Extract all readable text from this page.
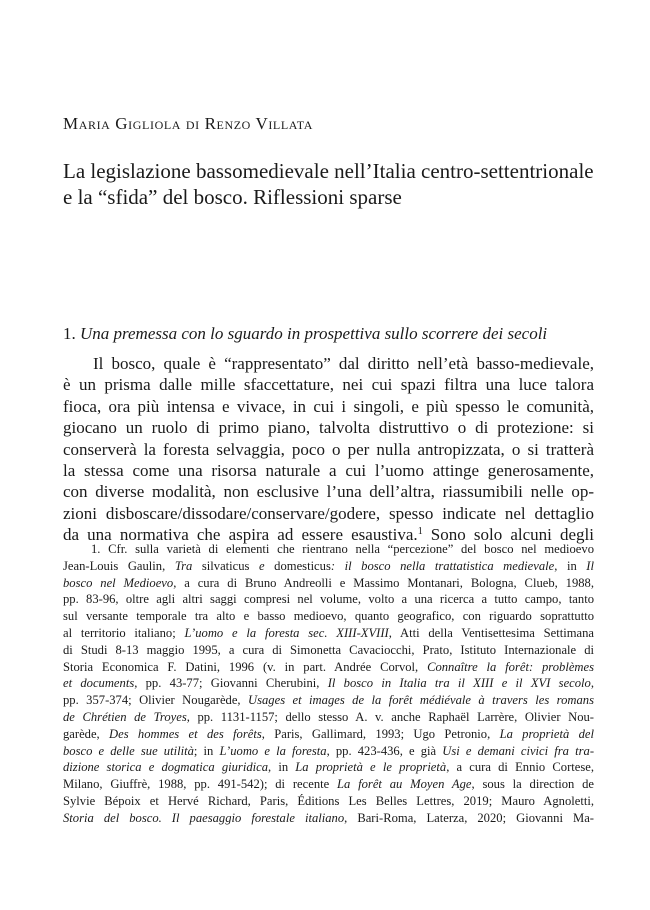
Maria Gigliola di Renzo Villata
La legislazione bassomedievale nell’Italia centro-settentrionale
e la “sfida” del bosco. Riflessioni sparse
1. Una premessa con lo sguardo in prospettiva sullo scorrere dei secoli
Il bosco, quale è “rappresentato” dal diritto nell’età basso-medievale,
è un prisma dalle mille sfaccettature, nei cui spazi filtra una luce talora
fioca, ora più intensa e vivace, in cui i singoli, e più spesso le comunità,
giocano un ruolo di primo piano, talvolta distruttivo o di protezione: si
conserverà la foresta selvaggia, poco o per nulla antropizzata, o si tratterà
la stessa come una risorsa naturale a cui l’uomo attinge generosamente,
con diverse modalità, non esclusive l’una dell’altra, riassumibili nelle op-
zioni disboscare/dissodare/conservare/godere, spesso indicate nel dettaglio
da una normativa che aspira ad essere esaustiva.$^1$ Sono solo alcuni degli
1. Cfr. sulla varietà di elementi che rientrano nella “percezione” del bosco nel medioevo
Jean-Louis Gaulin, Tra silvaticus e domesticus: il bosco nella trattatistica medievale, in Il
bosco nel Medioevo, a cura di Bruno Andreolli e Massimo Montanari, Bologna, Clueb, 1988,
pp. 83-96, oltre agli altri saggi compresi nel volume, volto a una ricerca a tutto campo, tanto
sul versante temporale tra alto e basso medioevo, quanto geografico, con riguardo soprattutto
al territorio italiano; L’uomo e la foresta sec. XIII-XVIII, Atti della Ventisettesima Settimana
di Studi 8-13 maggio 1995, a cura di Simonetta Cavaciocchi, Prato, Istituto Internazionale di
Storia Economica F. Datini, 1996 (v. in part. Andrée Corvol, Connaître la forêt: problèmes
et documents, pp. 43-77; Giovanni Cherubini, Il bosco in Italia tra il XIII e il XVI secolo,
pp. 357-374; Olivier Nougarède, Usages et images de la forêt médiévale à travers les romans
de Chrétien de Troyes, pp. 1131-1157; dello stesso A. v. anche Raphaël Larrère, Olivier Nou-
garède, Des hommes et des forêts, Paris, Gallimard, 1993; Ugo Petronio, La proprietà del
bosco e delle sue utilità; in L’uomo e la foresta, pp. 423-436, e già Usi e demani civici fra tra-
dizione storica e dogmatica giuridica, in La proprietà e le proprietà, a cura di Ennio Cortese,
Milano, Giuffrè, 1988, pp. 491-542); di recente La forêt au Moyen Age, sous la direction de
Sylvie Bépoix et Hervé Richard, Paris, Éditions Les Belles Lettres, 2019; Mauro Agnoletti,
Storia del bosco. Il paesaggio forestale italiano, Bari-Roma, Laterza, 2020; Giovanni Ma-
